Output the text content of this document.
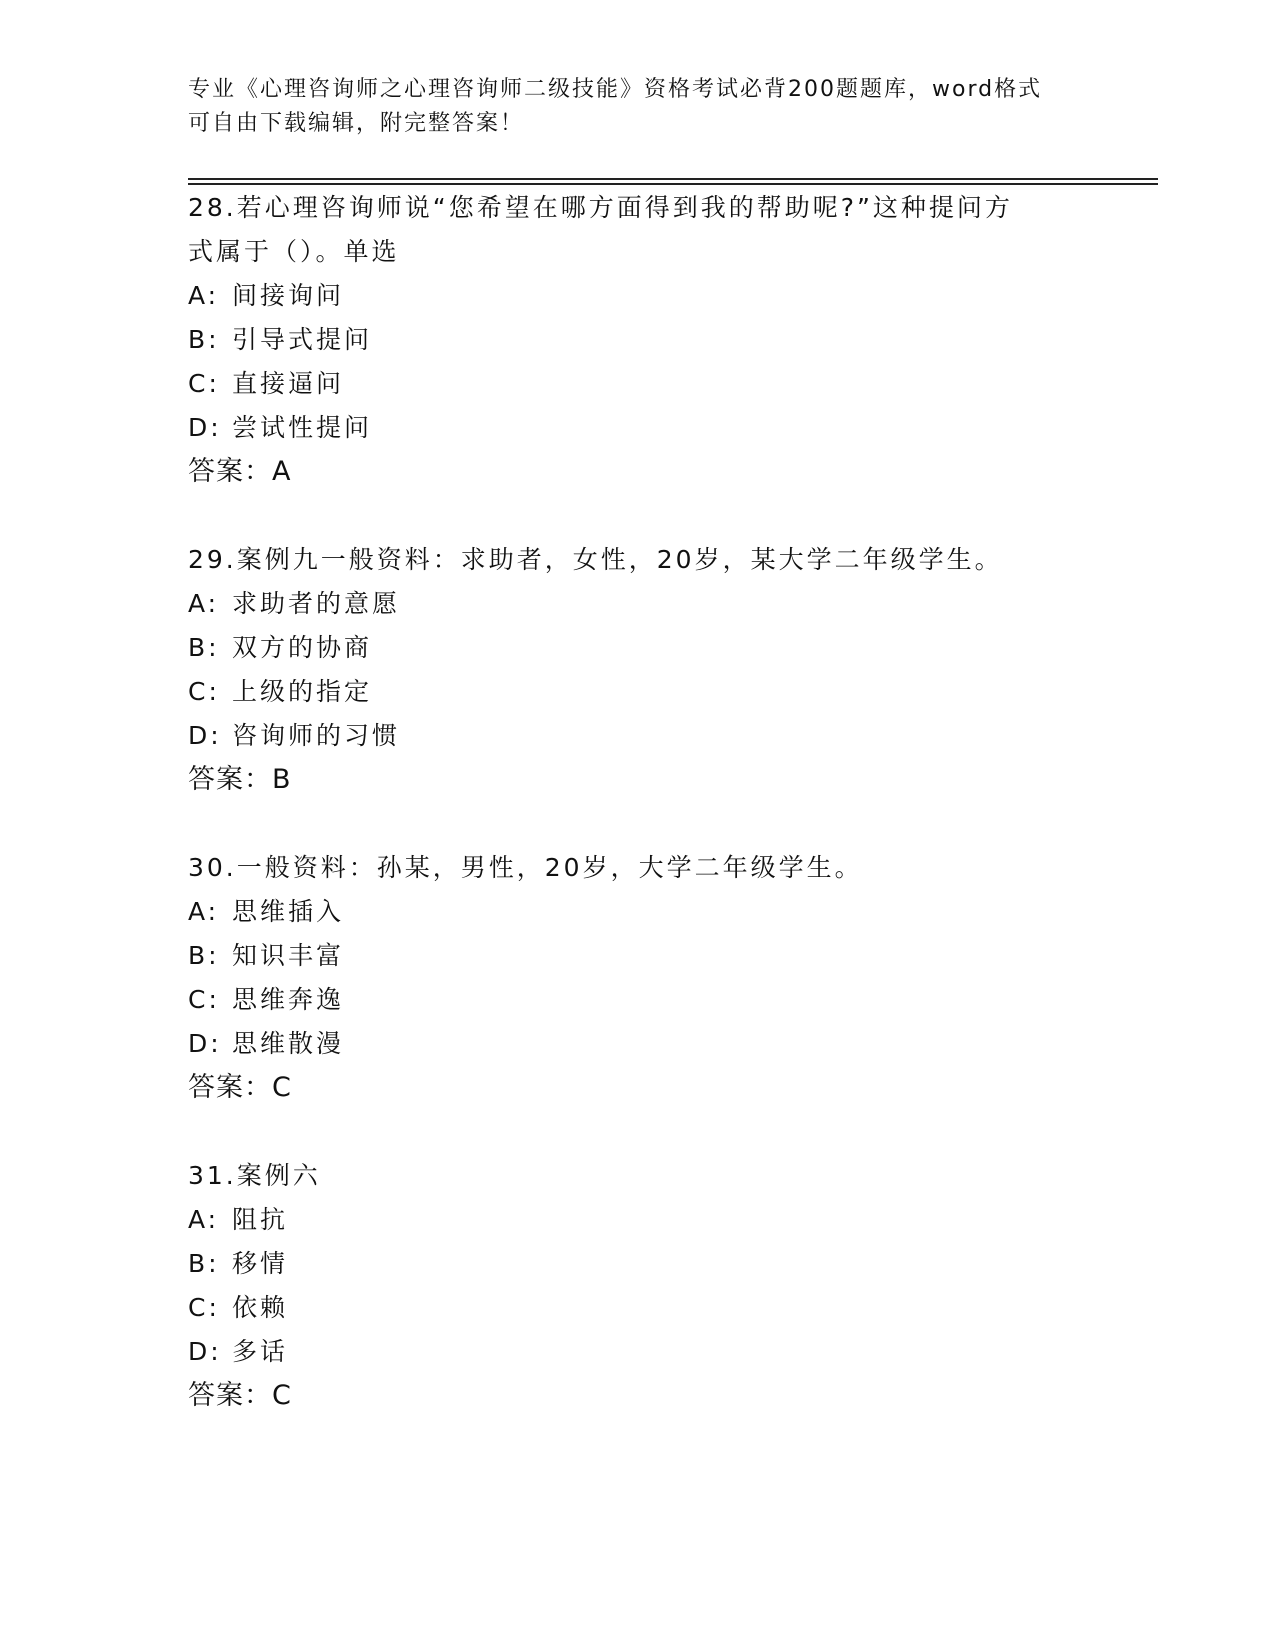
专业《心理咨询师之心理咨询师二级技能》资格考试必背200题题库，word格式
可自由下载编辑，附完整答案！
28.若心理咨询师说“您希望在哪方面得到我的帮助呢?”这种提问方
式属于（）。单选
A: 间接询问
B: 引导式提问
C: 直接逼问
D: 尝试性提问
答案：A
29.案例九一般资料：求助者，女性，20岁，某大学二年级学生。
A: 求助者的意愿
B: 双方的协商
C: 上级的指定
D: 咨询师的习惯
答案：B
30.一般资料：孙某，男性，20岁，大学二年级学生。
A: 思维插入
B: 知识丰富
C: 思维奔逸
D: 思维散漫
答案：C
31.案例六
A: 阻抗
B: 移情
C: 依赖
D: 多话
答案：C
